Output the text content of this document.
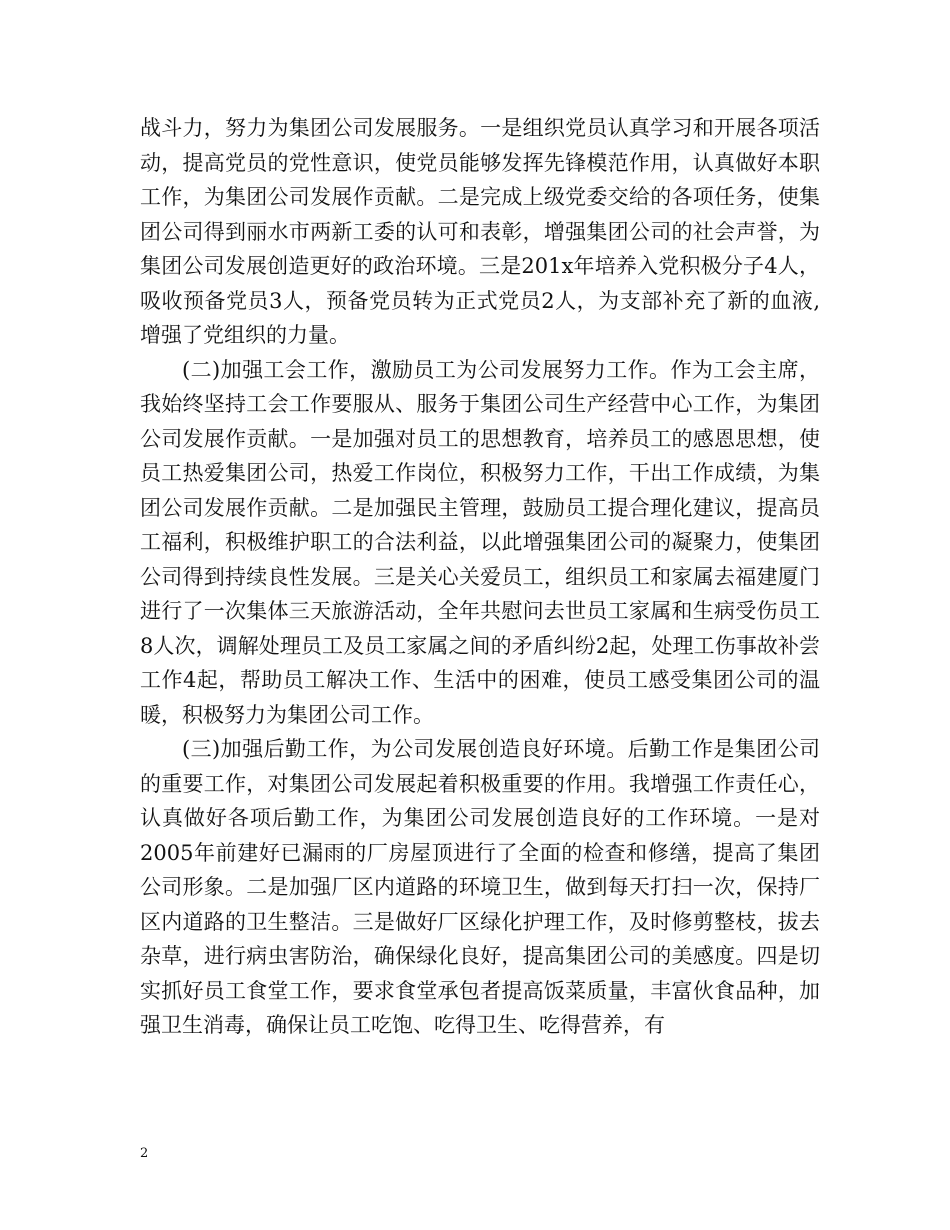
战斗力，努力为集团公司发展服务。一是组织党员认真学习和开展各项活动，提高党员的党性意识，使党员能够发挥先锋模范作用，认真做好本职工作，为集团公司发展作贡献。二是完成上级党委交给的各项任务，使集团公司得到丽水市两新工委的认可和表彰，增强集团公司的社会声誉，为集团公司发展创造更好的政治环境。三是201x年培养入党积极分子4人，吸收预备党员3人，预备党员转为正式党员2人，为支部补充了新的血液,增强了党组织的力量。

(二)加强工会工作，激励员工为公司发展努力工作。作为工会主席，我始终坚持工会工作要服从、服务于集团公司生产经营中心工作，为集团公司发展作贡献。一是加强对员工的思想教育，培养员工的感恩思想，使员工热爱集团公司，热爱工作岗位，积极努力工作，干出工作成绩，为集团公司发展作贡献。二是加强民主管理，鼓励员工提合理化建议，提高员工福利，积极维护职工的合法利益，以此增强集团公司的凝聚力，使集团公司得到持续良性发展。三是关心关爱员工，组织员工和家属去福建厦门进行了一次集体三天旅游活动，全年共慰问去世员工家属和生病受伤员工8人次，调解处理员工及员工家属之间的矛盾纠纷2起，处理工伤事故补尝工作4起，帮助员工解决工作、生活中的困难，使员工感受集团公司的温暖，积极努力为集团公司工作。

(三)加强后勤工作，为公司发展创造良好环境。后勤工作是集团公司的重要工作，对集团公司发展起着积极重要的作用。我增强工作责任心，认真做好各项后勤工作，为集团公司发展创造良好的工作环境。一是对2005年前建好已漏雨的厂房屋顶进行了全面的检查和修缮，提高了集团公司形象。二是加强厂区内道路的环境卫生，做到每天打扫一次，保持厂区内道路的卫生整洁。三是做好厂区绿化护理工作，及时修剪整枝，拔去杂草，进行病虫害防治，确保绿化良好，提高集团公司的美感度。四是切实抓好员工食堂工作，要求食堂承包者提高饭菜质量，丰富伙食品种，加强卫生消毒，确保让员工吃饱、吃得卫生、吃得营养，有

2
